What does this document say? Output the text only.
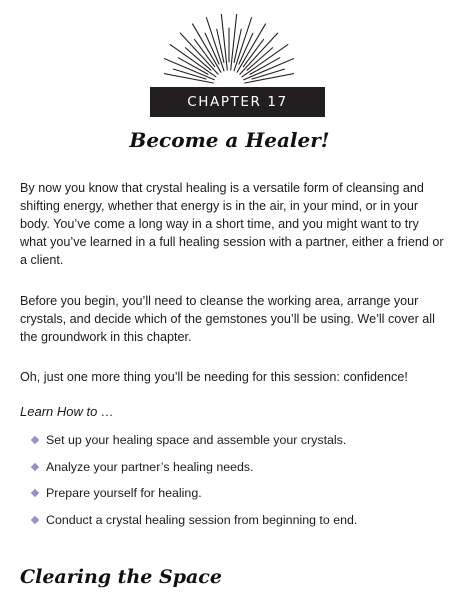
CHAPTER 17
Become a Healer!

By now you know that crystal healing is a versatile form of cleansing and shifting energy, whether that energy is in the air, in your mind, or in your body. You’ve come a long way in a short time, and you might want to try what you’ve learned in a full healing session with a partner, either a friend or a client.

Before you begin, you’ll need to cleanse the working area, arrange your crystals, and decide which of the gemstones you’ll be using. We’ll cover all the groundwork in this chapter.

Oh, just one more thing you’ll be needing for this session: confidence!

Learn How to …
Set up your healing space and assemble your crystals.
Analyze your partner’s healing needs.
Prepare yourself for healing.
Conduct a crystal healing session from beginning to end.
Clearing the Space
